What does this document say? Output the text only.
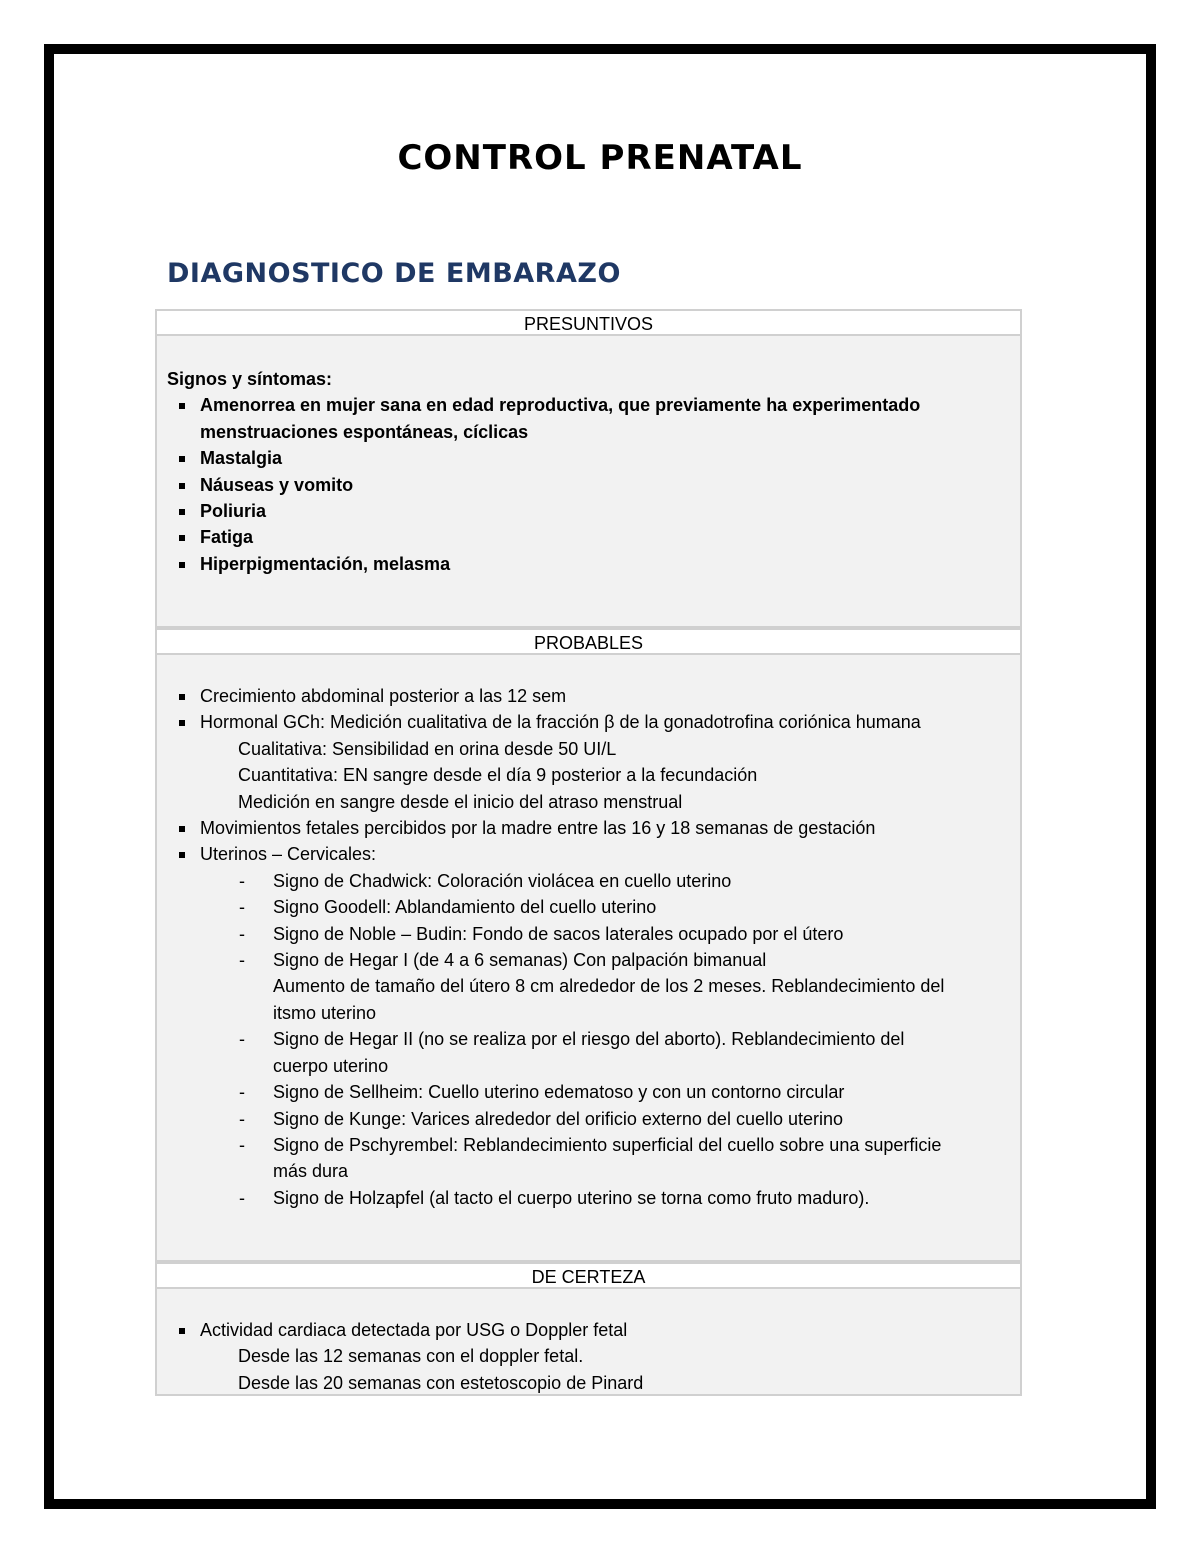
CONTROL PRENATAL
DIAGNOSTICO DE EMBARAZO
PRESUNTIVOS

Signos y síntomas:

Amenorrea en mujer sana en edad reproductiva, que previamente ha experimentado

menstruaciones espontáneas, cíclicas

Mastalgia

Náuseas y vomito

Poliuria

Fatiga

Hiperpigmentación, melasma

PROBABLES

Crecimiento abdominal posterior a las 12 sem

Hormonal GCh: Medición cualitativa de la fracción β de la gonadotrofina coriónica humana

Cualitativa: Sensibilidad en orina desde 50 UI/L

Cuantitativa: EN sangre desde el día 9 posterior a la fecundación

Medición en sangre desde el inicio del atraso menstrual

Movimientos fetales percibidos por la madre entre las 16 y 18 semanas de gestación

Uterinos – Cervicales:

- Signo de Chadwick: Coloración violácea en cuello uterino

- Signo Goodell: Ablandamiento del cuello uterino

- Signo de Noble – Budin: Fondo de sacos laterales ocupado por el útero

- Signo de Hegar I (de 4 a 6 semanas) Con palpación bimanual

Aumento de tamaño del útero 8 cm alrededor de los 2 meses. Reblandecimiento del

itsmo uterino

- Signo de Hegar II (no se realiza por el riesgo del aborto). Reblandecimiento del

cuerpo uterino

- Signo de Sellheim: Cuello uterino edematoso y con un contorno circular

- Signo de Kunge: Varices alrededor del orificio externo del cuello uterino

- Signo de Pschyrembel: Reblandecimiento superficial del cuello sobre una superficie

más dura

- Signo de Holzapfel (al tacto el cuerpo uterino se torna como fruto maduro).

DE CERTEZA

Actividad cardiaca detectada por USG o Doppler fetal

Desde las 12 semanas con el doppler fetal.

Desde las 20 semanas con estetoscopio de Pinard
